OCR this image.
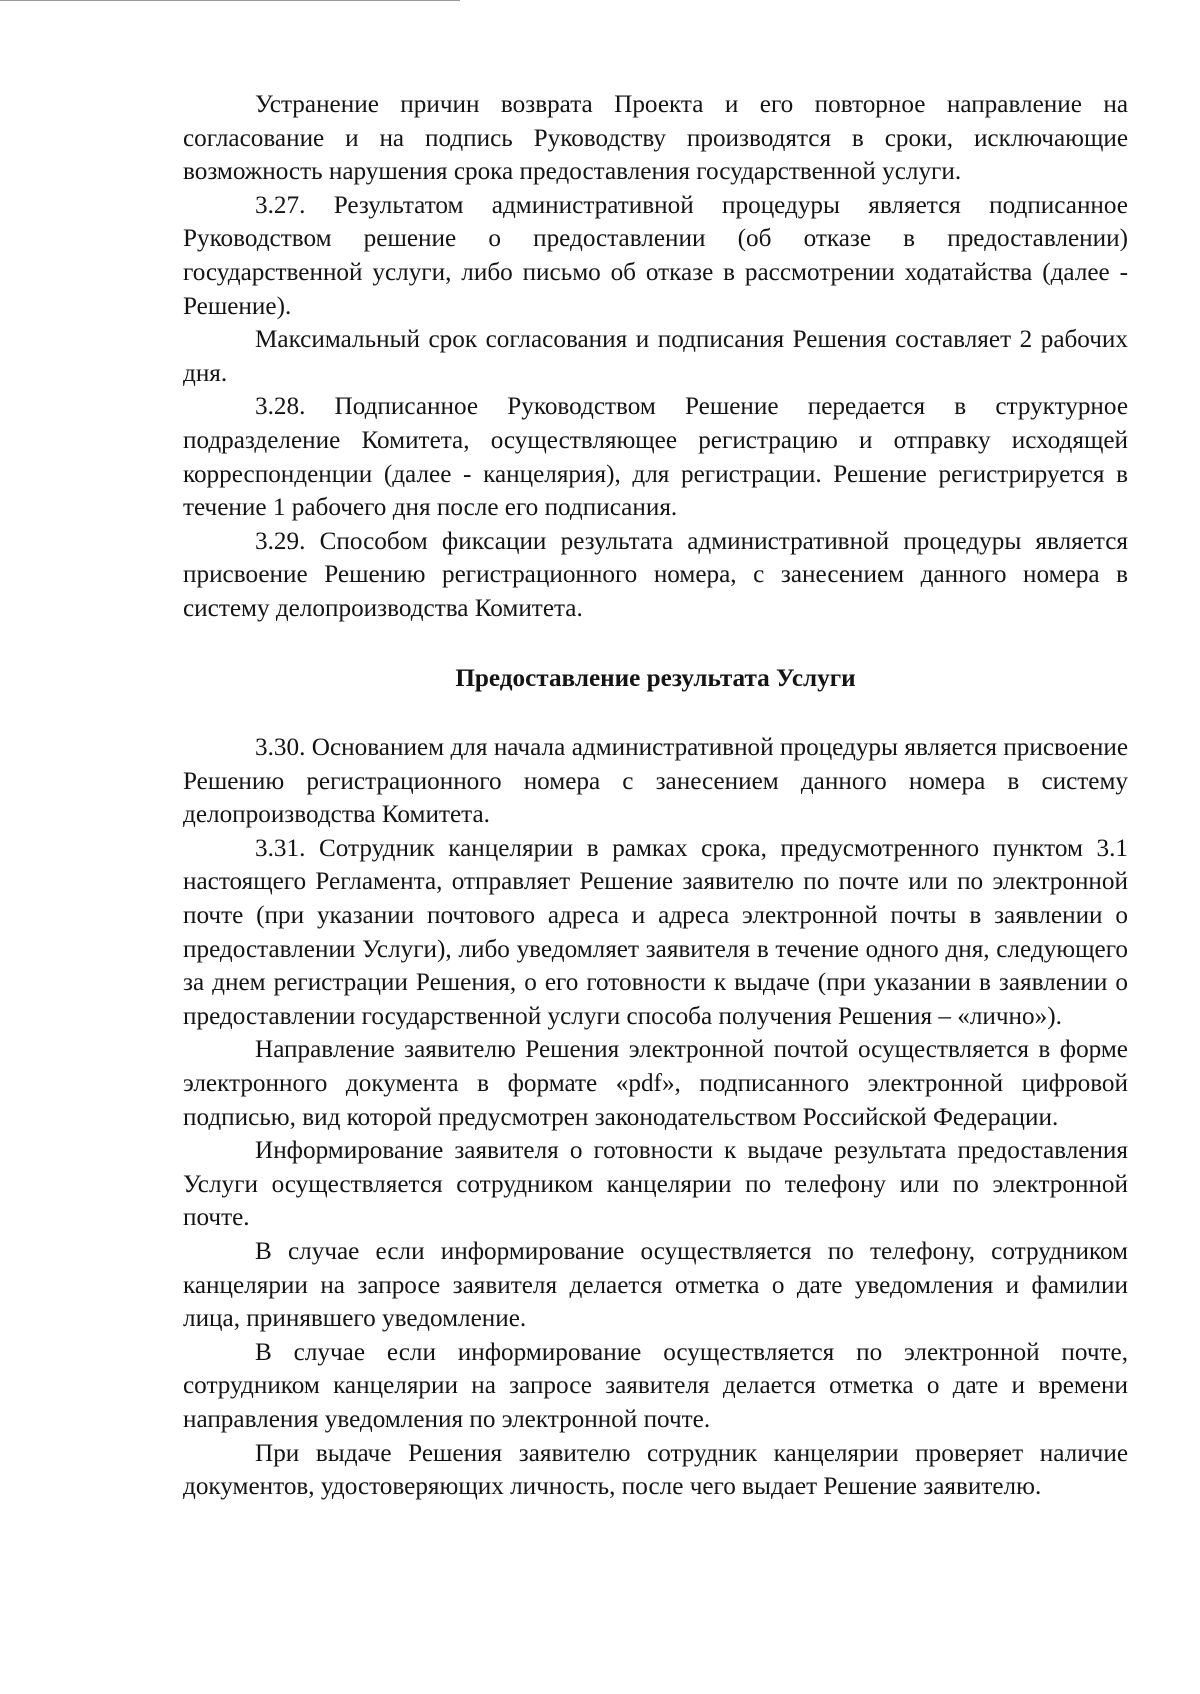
Устранение причин возврата Проекта и его повторное направление на согласование и на подпись Руководству производятся в сроки, исключающие возможность нарушения срока предоставления государственной услуги.

3.27. Результатом административной процедуры является подписанное Руководством решение о предоставлении (об отказе в предоставлении) государственной услуги, либо письмо об отказе в рассмотрении ходатайства (далее - Решение).

Максимальный срок согласования и подписания Решения составляет 2 рабочих дня.

3.28. Подписанное Руководством Решение передается в структурное подразделение Комитета, осуществляющее регистрацию и отправку исходящей корреспонденции (далее - канцелярия), для регистрации. Решение регистрируется в течение 1 рабочего дня после его подписания.

3.29. Способом фиксации результата административной процедуры является присвоение Решению регистрационного номера, с занесением данного номера в систему делопроизводства Комитета.

Предоставление результата Услуги

3.30. Основанием для начала административной процедуры является присвоение Решению регистрационного номера с занесением данного номера в систему делопроизводства Комитета.

3.31. Сотрудник канцелярии в рамках срока, предусмотренного пунктом 3.1 настоящего Регламента, отправляет Решение заявителю по почте или по электронной почте (при указании почтового адреса и адреса электронной почты в заявлении о предоставлении Услуги), либо уведомляет заявителя в течение одного дня, следующего за днем регистрации Решения, о его готовности к выдаче (при указании в заявлении о предоставлении государственной услуги способа получения Решения – «лично»).

Направление заявителю Решения электронной почтой осуществляется в форме электронного документа в формате «pdf», подписанного электронной цифровой подписью, вид которой предусмотрен законодательством Российской Федерации.

Информирование заявителя о готовности к выдаче результата предоставления Услуги осуществляется сотрудником канцелярии по телефону или по электронной почте.

В случае если информирование осуществляется по телефону, сотрудником канцелярии на запросе заявителя делается отметка о дате уведомления и фамилии лица, принявшего уведомление.

В случае если информирование осуществляется по электронной почте, сотрудником канцелярии на запросе заявителя делается отметка о дате и времени направления уведомления по электронной почте.

При выдаче Решения заявителю сотрудник канцелярии проверяет наличие документов, удостоверяющих личность, после чего выдает Решение заявителю.
